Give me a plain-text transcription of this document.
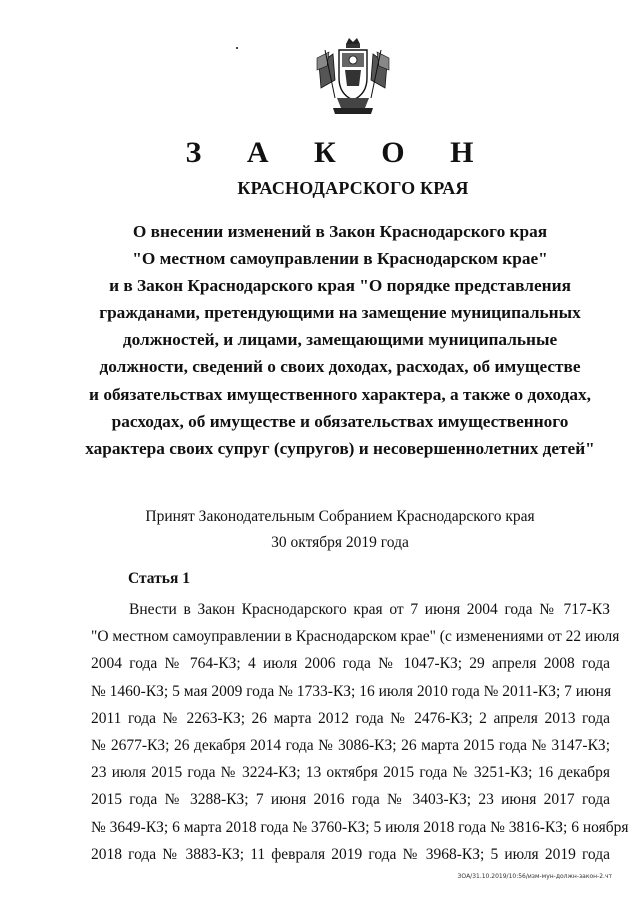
З А К О Н
КРАСНОДАРСКОГО КРАЯ
О внесении изменений в Закон Краснодарского края
"О местном самоуправлении в Краснодарском крае"
и в Закон Краснодарского края "О порядке представления
гражданами, претендующими на замещение муниципальных
должностей, и лицами, замещающими муниципальные
должности, сведений о своих доходах, расходах, об имуществе
и обязательствах имущественного характера, а также о доходах,
расходах, об имуществе и обязательствах имущественного
характера своих супруг (супругов) и несовершеннолетних детей"
Принят Законодательным Собранием Краснодарского края
30 октября 2019 года
Статья 1
Внести в Закон Краснодарского края от 7 июня 2004 года № 717-КЗ
"О местном самоуправлении в Краснодарском крае" (с изменениями от 22 июля
2004 года № 764-КЗ; 4 июля 2006 года № 1047-КЗ; 29 апреля 2008 года
№ 1460-КЗ; 5 мая 2009 года № 1733-КЗ; 16 июля 2010 года № 2011-КЗ; 7 июня
2011 года № 2263-КЗ; 26 марта 2012 года № 2476-КЗ; 2 апреля 2013 года
№ 2677-КЗ; 26 декабря 2014 года № 3086-КЗ; 26 марта 2015 года № 3147-КЗ;
23 июля 2015 года № 3224-КЗ; 13 октября 2015 года № 3251-КЗ; 16 декабря
2015 года № 3288-КЗ; 7 июня 2016 года № 3403-КЗ; 23 июня 2017 года
№ 3649-КЗ; 6 марта 2018 года № 3760-КЗ; 5 июля 2018 года № 3816-КЗ; 6 ноября
2018 года № 3883-КЗ; 11 февраля 2019 года № 3968-КЗ; 5 июля 2019 года
ЗОА/31.10.2019/10:56/изм-мун-должн-закон-2.чт
